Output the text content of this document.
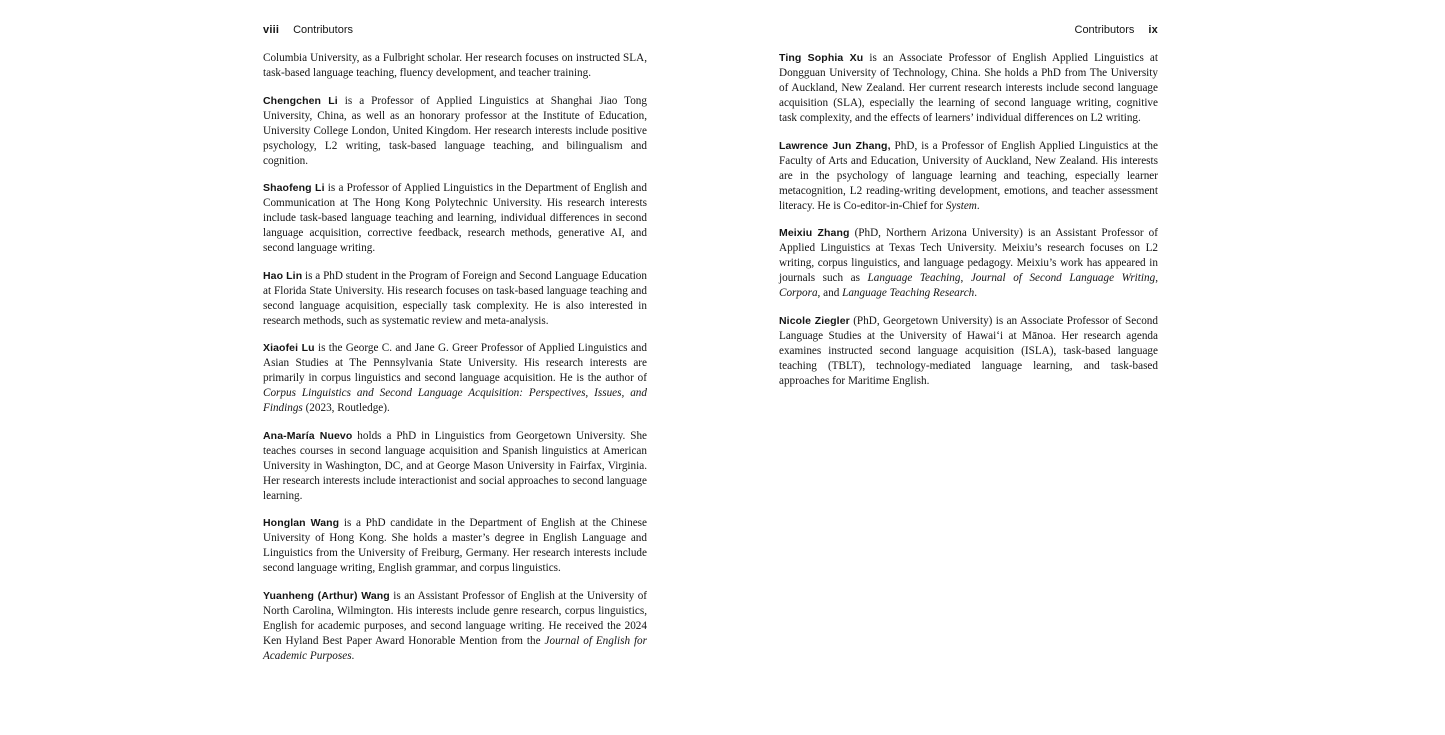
viii Contributors

Columbia University, as a Fulbright scholar. Her research focuses on instructed SLA, task-based language teaching, fluency development, and teacher training.

Chengchen Li is a Professor of Applied Linguistics at Shanghai Jiao Tong University, China, as well as an honorary professor at the Institute of Education, University College London, United Kingdom. Her research interests include positive psychology, L2 writing, task-based language teaching, and bilingualism and cognition.

Shaofeng Li is a Professor of Applied Linguistics in the Department of English and Communication at The Hong Kong Polytechnic University. His research interests include task-based language teaching and learning, individual differences in second language acquisition, corrective feedback, research methods, generative AI, and second language writing.

Hao Lin is a PhD student in the Program of Foreign and Second Language Education at Florida State University. His research focuses on task-based language teaching and second language acquisition, especially task complexity. He is also interested in research methods, such as systematic review and meta-analysis.

Xiaofei Lu is the George C. and Jane G. Greer Professor of Applied Linguistics and Asian Studies at The Pennsylvania State University. His research interests are primarily in corpus linguistics and second language acquisition. He is the author of Corpus Linguistics and Second Language Acquisition: Perspectives, Issues, and Findings (2023, Routledge).

Ana-María Nuevo holds a PhD in Linguistics from Georgetown University. She teaches courses in second language acquisition and Spanish linguistics at American University in Washington, DC, and at George Mason University in Fairfax, Virginia. Her research interests include interactionist and social approaches to second language learning.

Honglan Wang is a PhD candidate in the Department of English at the Chinese University of Hong Kong. She holds a master’s degree in English Language and Linguistics from the University of Freiburg, Germany. Her research interests include second language writing, English grammar, and corpus linguistics.

Yuanheng (Arthur) Wang is an Assistant Professor of English at the University of North Carolina, Wilmington. His interests include genre research, corpus linguistics, English for academic purposes, and second language writing. He received the 2024 Ken Hyland Best Paper Award Honorable Mention from the Journal of English for Academic Purposes.

Contributors ix

Ting Sophia Xu is an Associate Professor of English Applied Linguistics at Dongguan University of Technology, China. She holds a PhD from The University of Auckland, New Zealand. Her current research interests include second language acquisition (SLA), especially the learning of second language writing, cognitive task complexity, and the effects of learners’ individual differences on L2 writing.

Lawrence Jun Zhang, PhD, is a Professor of English Applied Linguistics at the Faculty of Arts and Education, University of Auckland, New Zealand. His interests are in the psychology of language learning and teaching, especially learner metacognition, L2 reading-writing development, emotions, and teacher assessment literacy. He is Co-editor-in-Chief for System.

Meixiu Zhang (PhD, Northern Arizona University) is an Assistant Professor of Applied Linguistics at Texas Tech University. Meixiu’s research focuses on L2 writing, corpus linguistics, and language pedagogy. Meixiu’s work has appeared in journals such as Language Teaching, Journal of Second Language Writing, Corpora, and Language Teaching Research.

Nicole Ziegler (PhD, Georgetown University) is an Associate Professor of Second Language Studies at the University of Hawai‘i at Mānoa. Her research agenda examines instructed second language acquisition (ISLA), task-based language teaching (TBLT), technology-mediated language learning, and task-based approaches for Maritime English.
